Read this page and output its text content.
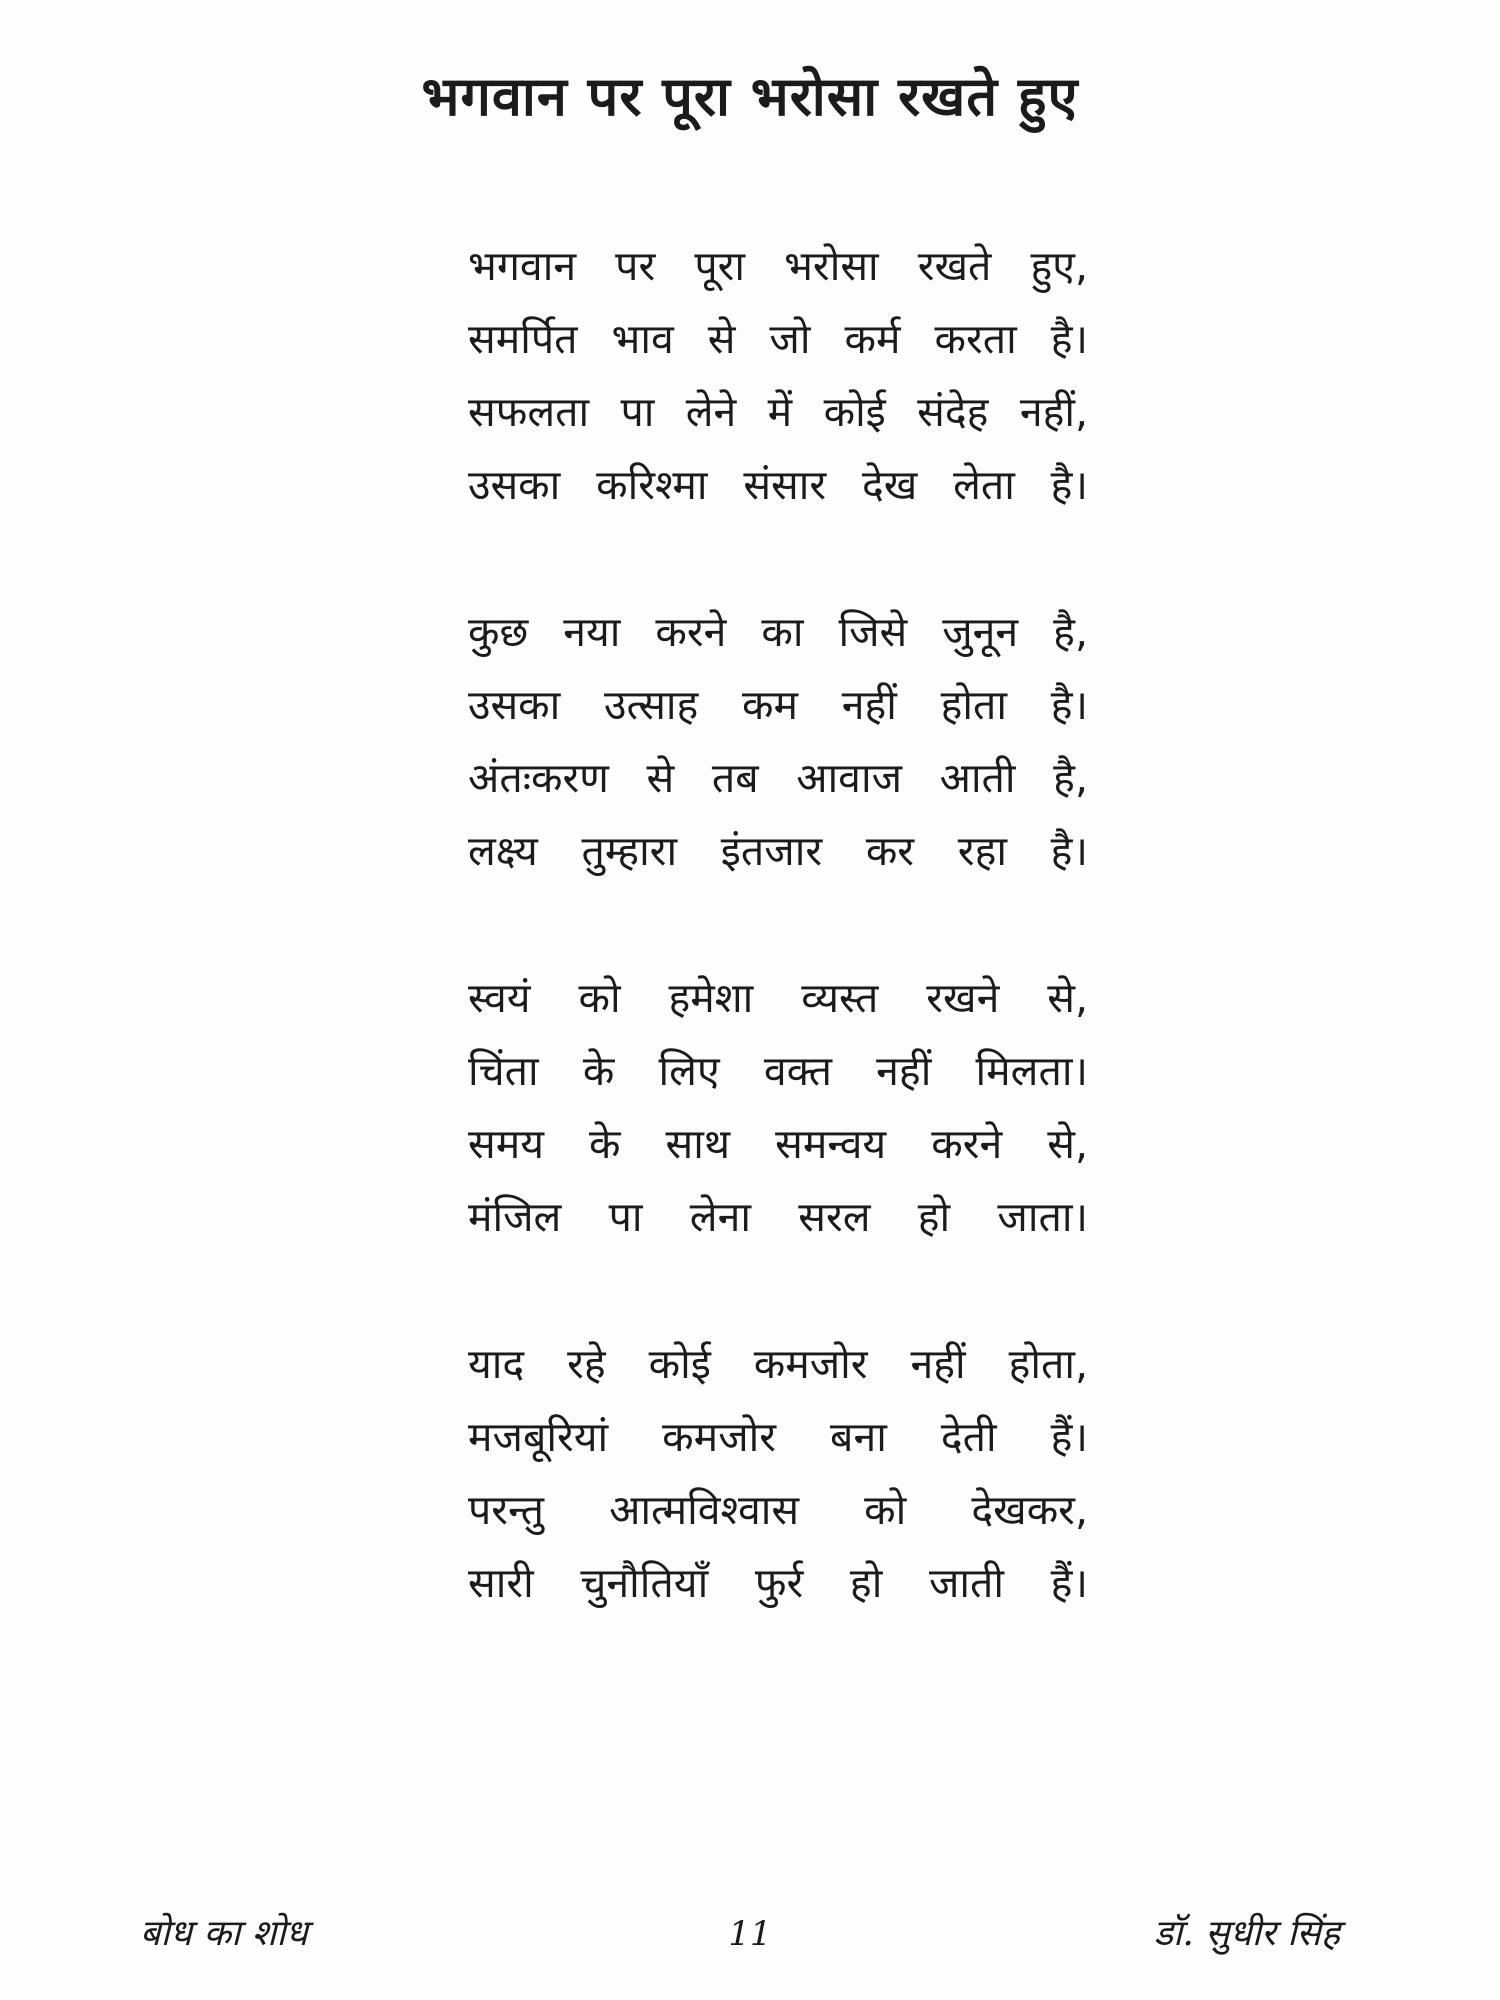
भगवान पर पूरा भरोसा रखते हुए
भगवान पर पूरा भरोसा रखते हुए,
समर्पित भाव से जो कर्म करता है।
सफलता पा लेने में कोई संदेह नहीं,
उसका करिश्मा संसार देख लेता है।
कुछ नया करने का जिसे जुनून है,
उसका उत्साह कम नहीं होता है।
अंतःकरण से तब आवाज आती है,
लक्ष्य तुम्हारा इंतजार कर रहा है।
स्वयं को हमेशा व्यस्त रखने से,
चिंता के लिए वक्त नहीं मिलता।
समय के साथ समन्वय करने से,
मंजिल पा लेना सरल हो जाता।
याद रहे कोई कमजोर नहीं होता,
मजबूरियां कमजोर बना देती हैं।
परन्तु आत्मविश्वास को देखकर,
सारी चुनौतियाँ फुर्र हो जाती हैं।
बोध का शोध	11	डॉ. सुधीर सिंह
